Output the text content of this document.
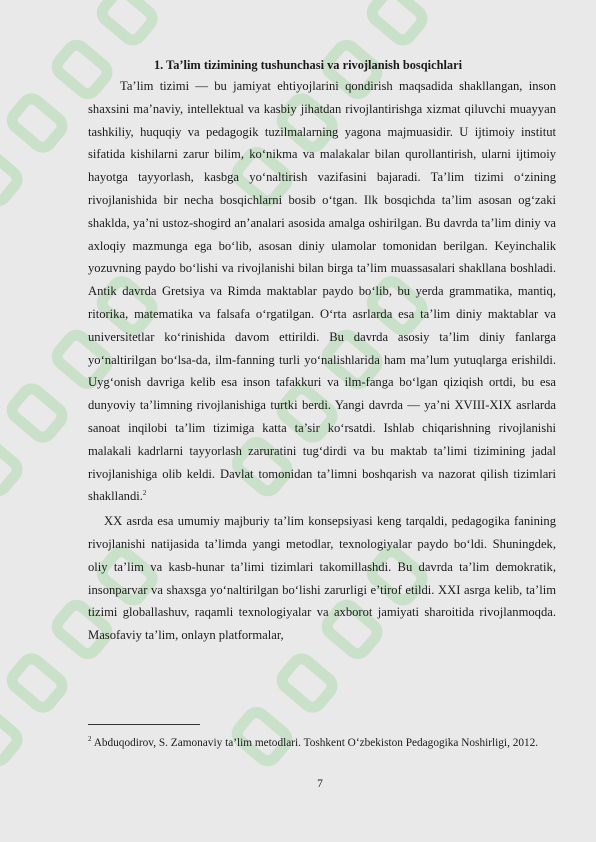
1. Ta’lim tizimining tushunchasi va rivojlanish bosqichlari

Ta’lim tizimi — bu jamiyat ehtiyojlarini qondirish maqsadida shakllangan, inson shaxsini ma’naviy, intellektual va kasbiy jihatdan rivojlantirishga xizmat qiluvchi muayyan tashkiliy, huquqiy va pedagogik tuzilmalarning yagona majmuasidir. U ijtimoiy institut sifatida kishilarni zarur bilim, ko‘nikma va malakalar bilan qurollantirish, ularni ijtimoiy hayotga tayyorlash, kasbga yo‘naltirish vazifasini bajaradi. Ta’lim tizimi o‘zining rivojlanishida bir necha bosqichlarni bosib o‘tgan. Ilk bosqichda ta’lim asosan og‘zaki shaklda, ya’ni ustoz-shogird an’analari asosida amalga oshirilgan. Bu davrda ta’lim diniy va axloqiy mazmunga ega bo‘lib, asosan diniy ulamolar tomonidan berilgan. Keyinchalik yozuvning paydo bo‘lishi va rivojlanishi bilan birga ta’lim muassasalari shakllana boshladi. Antik davrda Gretsiya va Rimda maktablar paydo bo‘lib, bu yerda grammatika, mantiq, ritorika, matematika va falsafa o‘rgatilgan. O‘rta asrlarda esa ta’lim diniy maktablar va universitetlar ko‘rinishida davom ettirildi. Bu davrda asosiy ta’lim diniy fanlarga yo‘naltirilgan bo‘lsa-da, ilm-fanning turli yo‘nalishlarida ham ma’lum yutuqlarga erishildi. Uyg‘onish davriga kelib esa inson tafakkuri va ilm-fanga bo‘lgan qiziqish ortdi, bu esa dunyoviy ta’limning rivojlanishiga turtki berdi. Yangi davrda — ya’ni XVIII-XIX asrlarda sanoat inqilobi ta’lim tizimiga katta ta’sir ko‘rsatdi. Ishlab chiqarishning rivojlanishi malakali kadrlarni tayyorlash zaruratini tug‘dirdi va bu maktab ta’limi tizimining jadal rivojlanishiga olib keldi. Davlat tomonidan ta’limni boshqarish va nazorat qilish tizimlari shakllandi.$^2$

XX asrda esa umumiy majburiy ta’lim konsepsiyasi keng tarqaldi, pedagogika fanining rivojlanishi natijasida ta’limda yangi metodlar, texnologiyalar paydo bo‘ldi. Shuningdek, oliy ta’lim va kasb-hunar ta’limi tizimlari takomillashdi. Bu davrda ta’lim demokratik, insonparvar va shaxsga yo‘naltirilgan bo‘lishi zarurligi e’tirof etildi. XXI asrga kelib, ta’lim tizimi globallashuv, raqamli texnologiyalar va axborot jamiyati sharoitida rivojlanmoqda. Masofaviy ta’lim, onlayn platformalar,

$^2$ Abduqodirov, S. Zamonaviy ta’lim metodlari. Toshkent O‘zbekiston Pedagogika Noshirligi, 2012.
7
